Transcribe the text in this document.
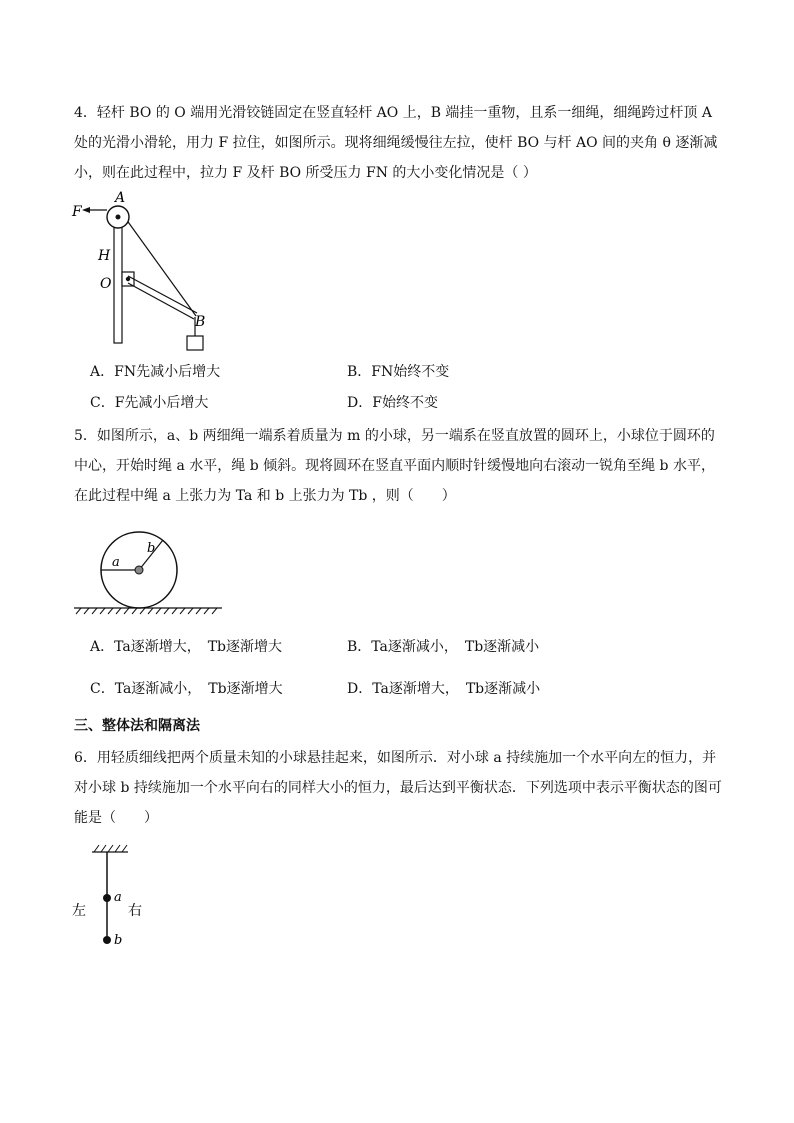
4．轻杆 BO 的 O 端用光滑铰链固定在竖直轻杆 AO 上，B 端挂一重物，且系一细绳，细绳跨过杆顶 A 处的光滑小滑轮，用力 F 拉住，如图所示。现将细绳缓慢往左拉，使杆 BO 与杆 AO 间的夹角 θ 逐渐减小，则在此过程中，拉力 F 及杆 BO 所受压力 FN 的大小变化情况是（ ）
A
F
H
O
B
A．FN先减小后增大	B．FN始终不变
C．F先减小后增大	D．F始终不变
5．如图所示，a、b 两细绳一端系着质量为 m 的小球，另一端系在竖直放置的圆环上，小球位于圆环的中心，开始时绳 a 水平，绳 b 倾斜。现将圆环在竖直平面内顺时针缓慢地向右滚动一锐角至绳 b 水平，在此过程中绳 a 上张力为 Ta 和 b 上张力为 Tb ，则（　　）
a
b
A．Ta逐渐增大，　Tb逐渐增大	B．Ta逐渐减小，　Tb逐渐减小
C．Ta逐渐减小，　Tb逐渐增大	D．Ta逐渐增大，　Tb逐渐减小
三、整体法和隔离法
6．用轻质细线把两个质量未知的小球悬挂起来，如图所示．对小球 a 持续施加一个水平向左的恒力，并对小球 b 持续施加一个水平向右的同样大小的恒力，最后达到平衡状态．下列选项中表示平衡状态的图可能是（　　）
左	右
a
b
